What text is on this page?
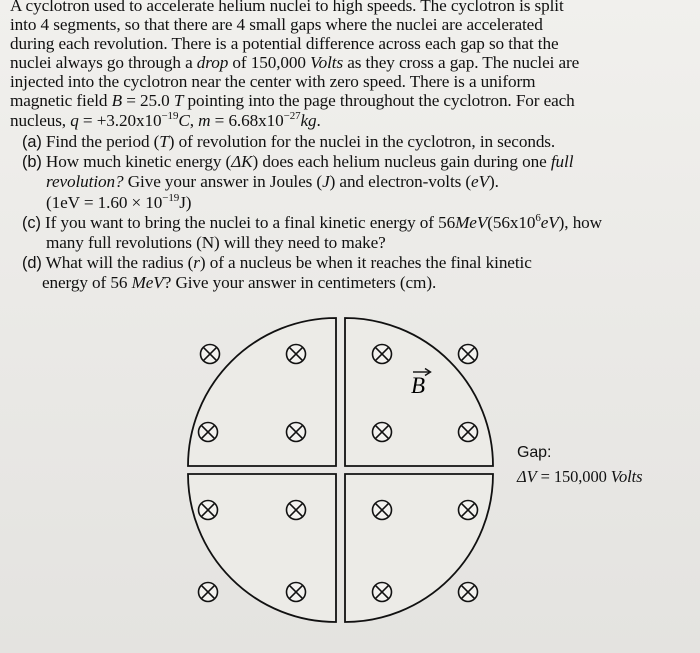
A cyclotron used to accelerate helium nuclei to high speeds. The cyclotron is split
into 4 segments, so that there are 4 small gaps where the nuclei are accelerated
during each revolution. There is a potential difference across each gap so that the
nuclei always go through a drop of 150,000 Volts as they cross a gap. The nuclei are
injected into the cyclotron near the center with zero speed. There is a uniform
magnetic field B = 25.0 T pointing into the page throughout the cyclotron. For each
nucleus, $q = +3.20x10^{-19}C$, $m = 6.68x10^{-27}kg$.
(a) Find the period (T) of revolution for the nuclei in the cyclotron, in seconds.
(b) How much kinetic energy (ΔK) does each helium nucleus gain during one full
revolution? Give your answer in Joules (J) and electron-volts (eV).
$(1eV = 1.60 \times 10^{-19}J)$
(c) If you want to bring the nuclei to a final kinetic energy of $56MeV(56x10^6eV)$, how
many full revolutions (N) will they need to make?
(d) What will the radius (r) of a nucleus be when it reaches the final kinetic
energy of 56 MeV? Give your answer in centimeters (cm).
B
Gap:
ΔV = 150,000 Volts
